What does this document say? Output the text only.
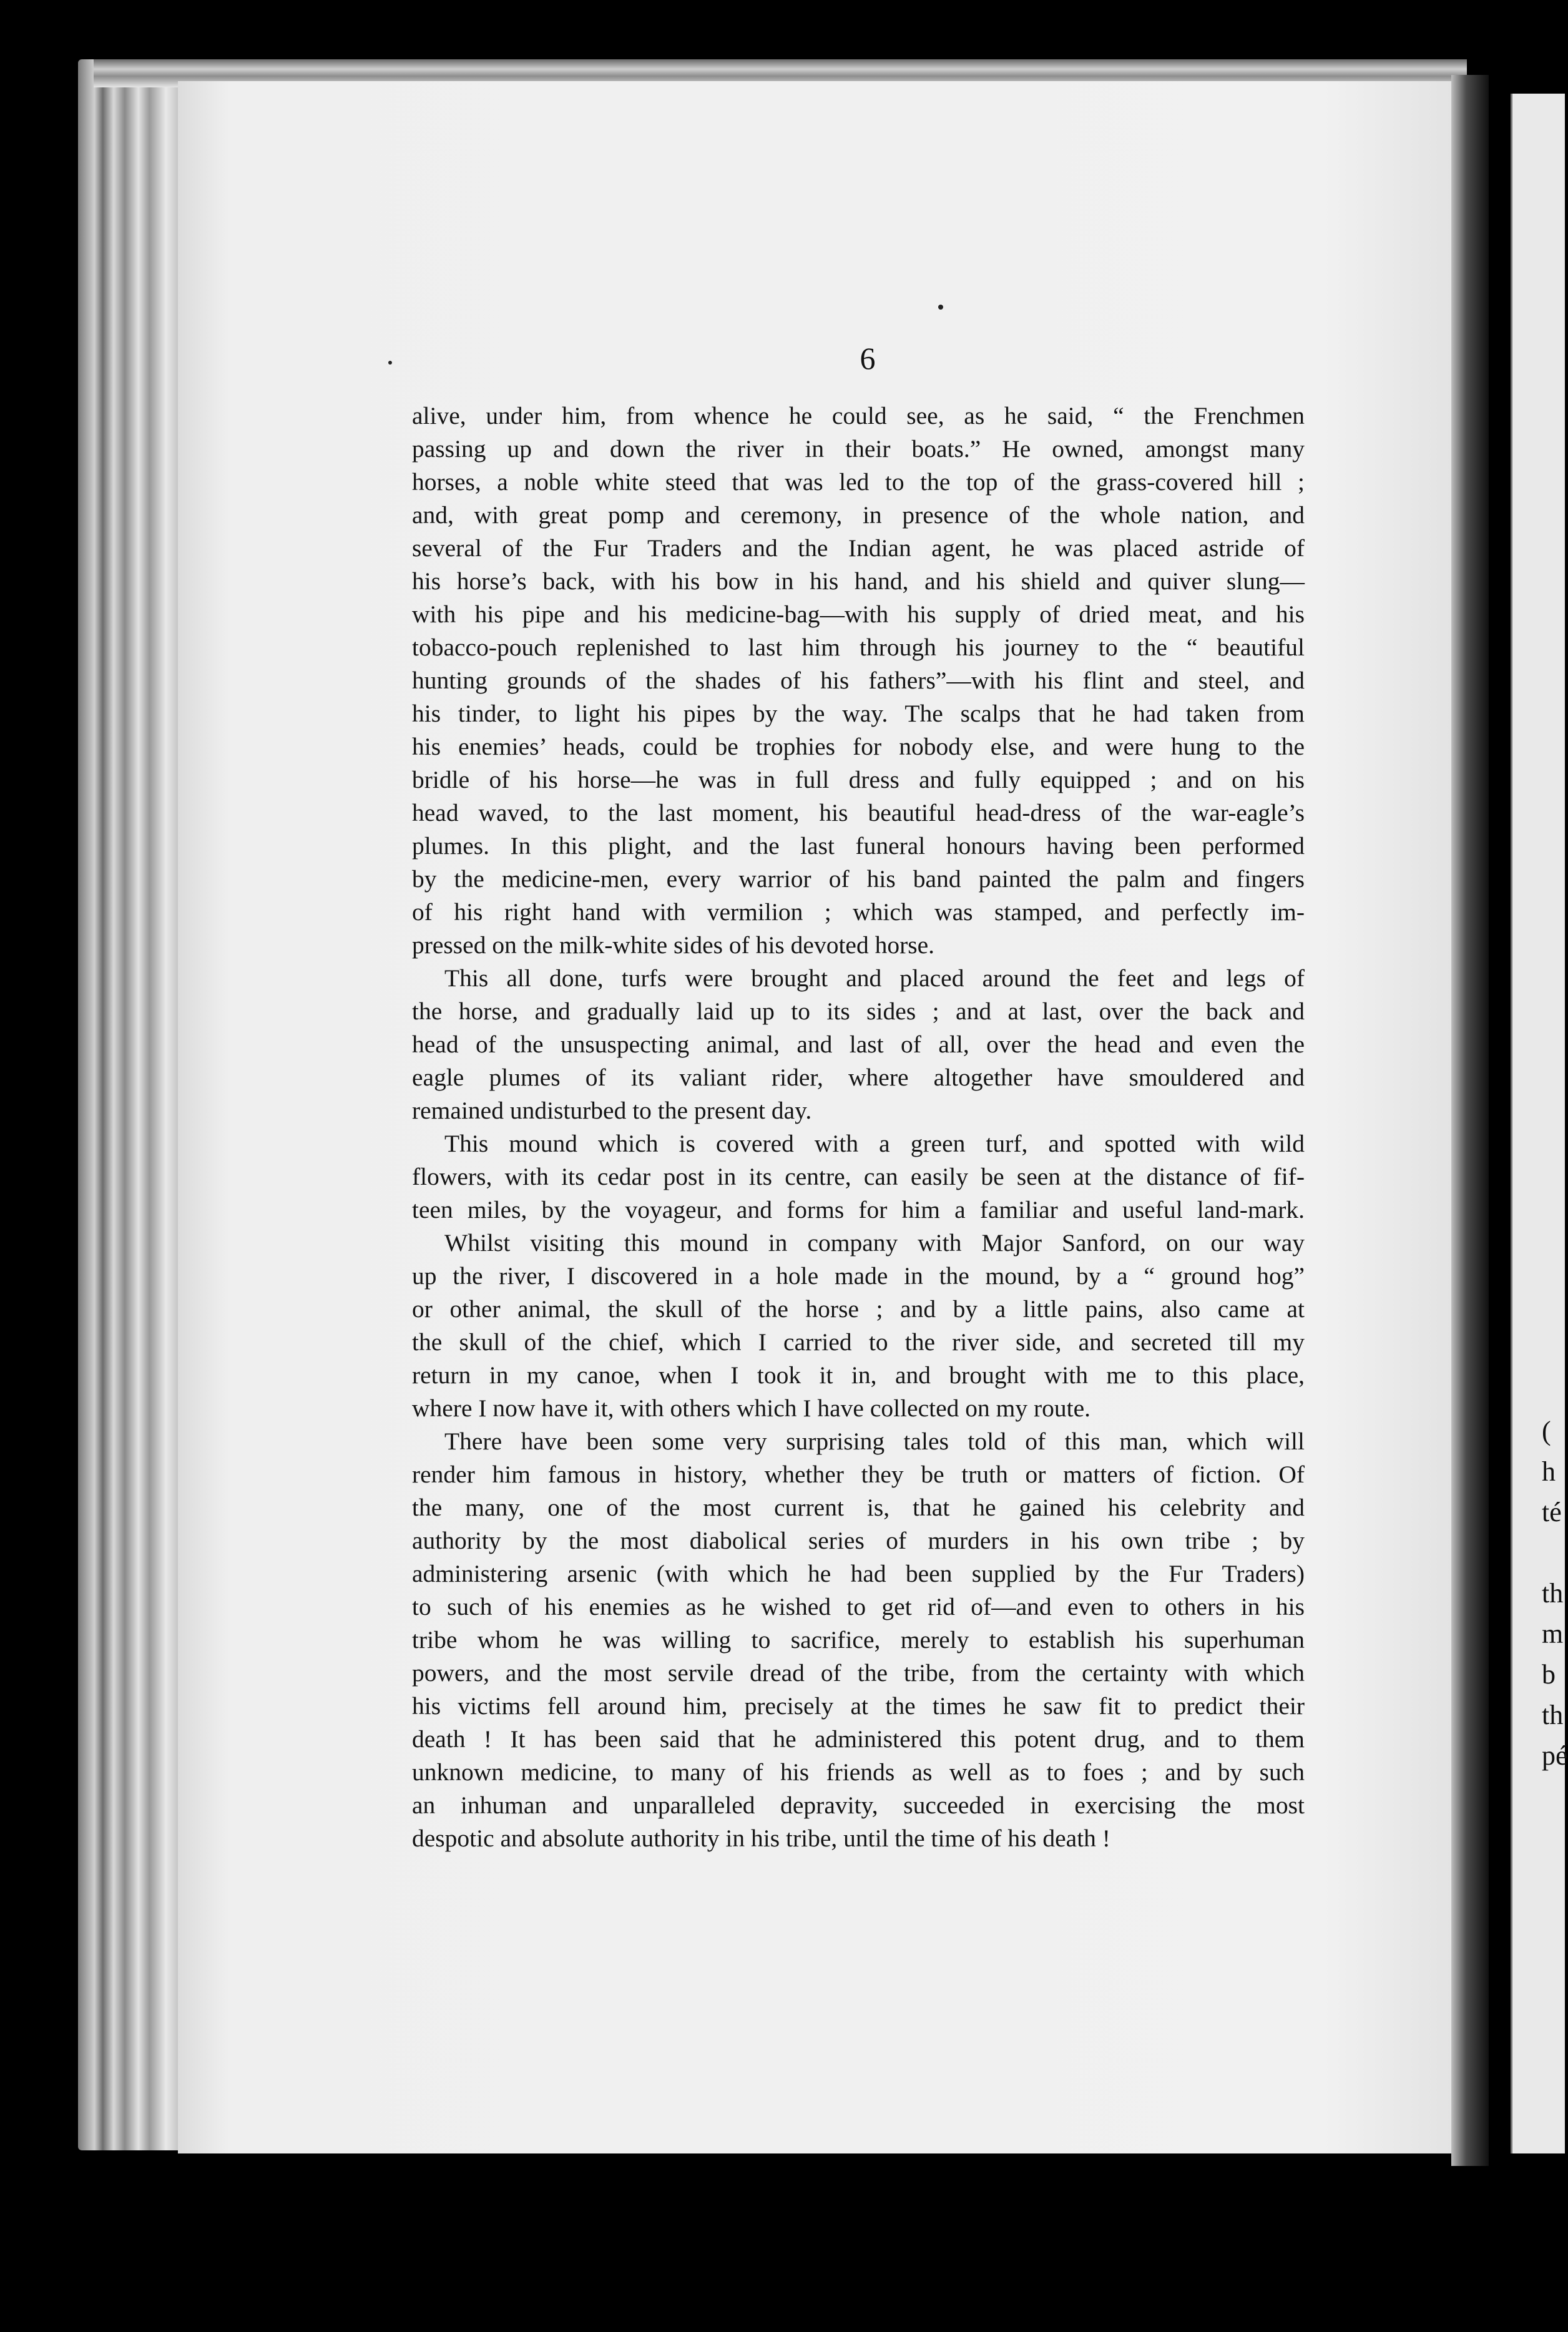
(
h
té

th
m
b
th
pé
6
alive, under him, from whence he could see, as he said, “ the Frenchmen
passing up and down the river in their boats.” He owned, amongst many
horses, a noble white steed that was led to the top of the grass-covered hill ;
and, with great pomp and ceremony, in presence of the whole nation, and
several of the Fur Traders and the Indian agent, he was placed astride of
his horse’s back, with his bow in his hand, and his shield and quiver slung—
with his pipe and his medicine-bag—with his supply of dried meat, and his
tobacco-pouch replenished to last him through his journey to the “ beautiful
hunting grounds of the shades of his fathers”—with his flint and steel, and
his tinder, to light his pipes by the way. The scalps that he had taken from
his enemies’ heads, could be trophies for nobody else, and were hung to the
bridle of his horse—he was in full dress and fully equipped ; and on his
head waved, to the last moment, his beautiful head-dress of the war-eagle’s
plumes. In this plight, and the last funeral honours having been performed
by the medicine-men, every warrior of his band painted the palm and fingers
of his right hand with vermilion ; which was stamped, and perfectly im-
pressed on the milk-white sides of his devoted horse.
This all done, turfs were brought and placed around the feet and legs of
the horse, and gradually laid up to its sides ; and at last, over the back and
head of the unsuspecting animal, and last of all, over the head and even the
eagle plumes of its valiant rider, where altogether have smouldered and
remained undisturbed to the present day.
This mound which is covered with a green turf, and spotted with wild
flowers, with its cedar post in its centre, can easily be seen at the distance of fif-
teen miles, by the voyageur, and forms for him a familiar and useful land-mark.
Whilst visiting this mound in company with Major Sanford, on our way
up the river, I discovered in a hole made in the mound, by a “ ground hog”
or other animal, the skull of the horse ; and by a little pains, also came at
the skull of the chief, which I carried to the river side, and secreted till my
return in my canoe, when I took it in, and brought with me to this place,
where I now have it, with others which I have collected on my route.
There have been some very surprising tales told of this man, which will
render him famous in history, whether they be truth or matters of fiction. Of
the many, one of the most current is, that he gained his celebrity and
authority by the most diabolical series of murders in his own tribe ; by
administering arsenic (with which he had been supplied by the Fur Traders)
to such of his enemies as he wished to get rid of—and even to others in his
tribe whom he was willing to sacrifice, merely to establish his superhuman
powers, and the most servile dread of the tribe, from the certainty with which
his victims fell around him, precisely at the times he saw fit to predict their
death ! It has been said that he administered this potent drug, and to them
unknown medicine, to many of his friends as well as to foes ; and by such
an inhuman and unparalleled depravity, succeeded in exercising the most
despotic and absolute authority in his tribe, until the time of his death !
